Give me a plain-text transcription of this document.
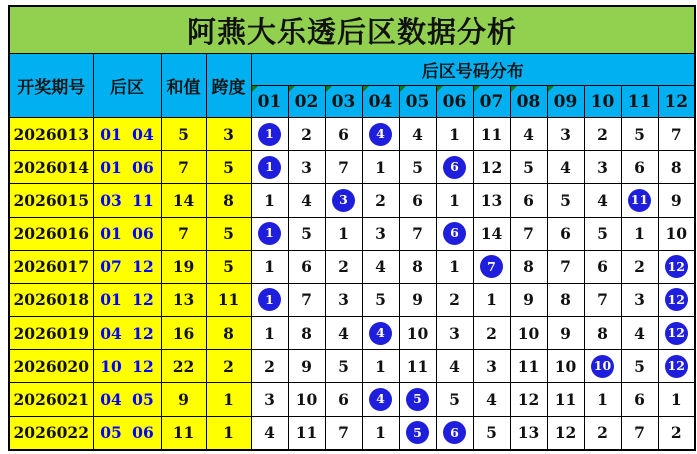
阿燕大乐透后区数据分析															
开奖期号	后区	和值	跨度	后区号码分布											

01	02	03	04	05	06	07	08	09	10	11	12
2026013	01 04	5	3	1	2	6	4	4	1	11	4	3	2	5	7
2026014	01 06	7	5	1	3	7	1	5	6	12	5	4	3	6	8
2026015	03 11	14	8	1	4	3	2	6	1	13	6	5	4	11	9
2026016	01 06	7	5	1	5	1	3	7	6	14	7	6	5	1	10
2026017	07 12	19	5	1	6	2	4	8	1	7	8	7	6	2	12
2026018	01 12	13	11	1	7	3	5	9	2	1	9	8	7	3	12
2026019	04 12	16	8	1	8	4	4	10	3	2	10	9	8	4	12
2026020	10 12	22	2	2	9	5	1	11	4	3	11	10	10	5	12
2026021	04 05	9	1	3	10	6	4	5	5	4	12	11	1	6	1
2026022	05 06	11	1	4	11	7	1	5	6	5	13	12	2	7	2
